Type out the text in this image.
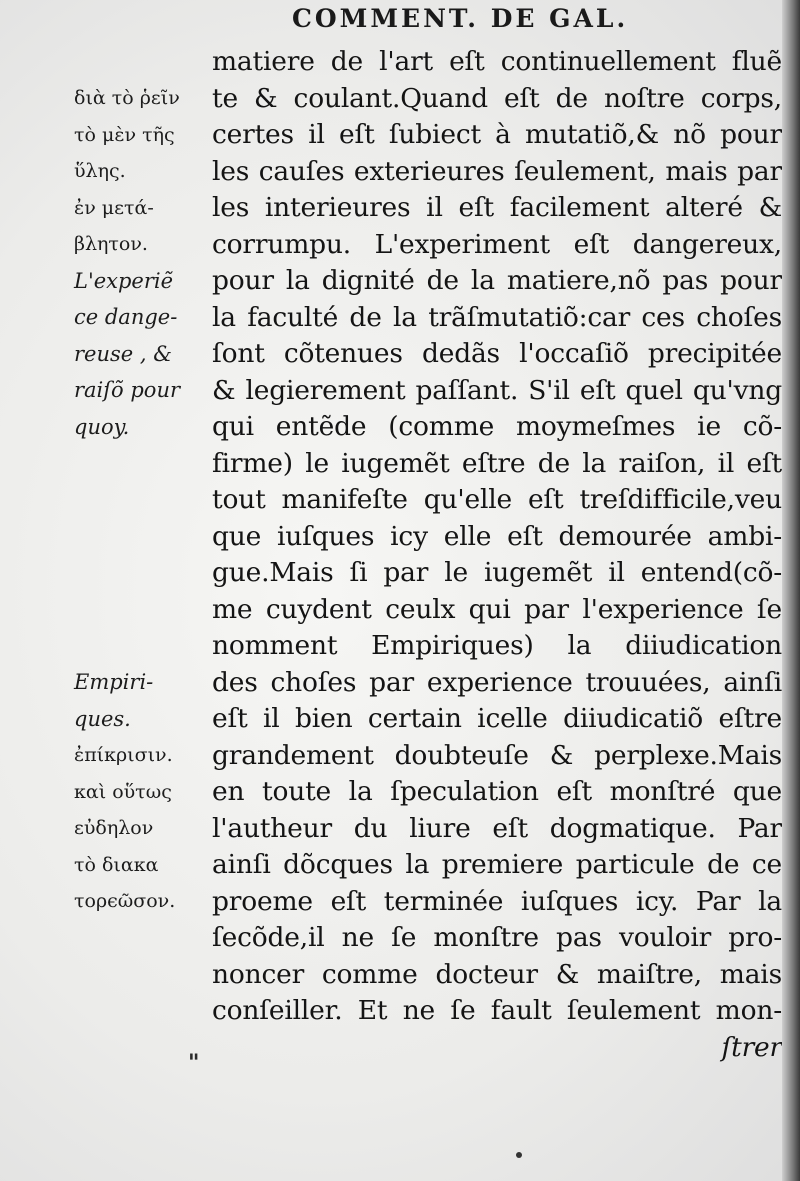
COMMENT. DE GAL.
διὰ τὸ ῥεῖν
τὸ μὲν τῆς
ὕλης.
ἐν μετά-
βλητον.
L'experiẽ
ce dange-
reuse , &
raiſõ pour
quoy.
Empiri-
ques.
ἐπίκρισιν.
καὶ οὕτως
εὐδηλον
τὸ διακα
τορϵῶσον.
matiere de l'art eſt continuellement fluẽ
te & coulant.Quand eſt de noſtre corps,
certes il eſt ſubiect à mutatiõ,& nõ pour
les cauſes exterieures ſeulement, mais par
les interieures il eſt facilement alteré &
corrumpu. L'experiment eſt dangereux,
pour la dignité de la matiere,nõ pas pour
la faculté de la trãſmutatiõ:car ces choſes
ſont cõtenues dedãs l'occaſiõ precipitée
& legierement paſſant. S'il eſt quel qu'vng
qui entẽde (comme moymeſmes ie cõ-
firme) le iugemẽt eſtre de la raiſon, il eſt
tout manifeſte qu'elle eſt treſdifficile,veu
que iuſques icy elle eſt demourée ambi-
gue.Mais ſi par le iugemẽt il entend(cõ-
me cuydent ceulx qui par l'experience ſe
nomment Empiriques) la diiudication
des choſes par experience trouuées, ainſi
eſt il bien certain icelle diiudicatiõ eſtre
grandement doubteuſe & perplexe.Mais
en toute la ſpeculation eſt monſtré que
l'autheur du liure eſt dogmatique. Par
ainſi dõcques la premiere particule de ce
proeme eſt terminée iuſques icy. Par la
ſecõde,il ne ſe monſtre pas vouloir pro-
noncer comme docteur & maiſtre, mais
conſeiller. Et ne ſe fault ſeulement mon-
ſtrer
"
